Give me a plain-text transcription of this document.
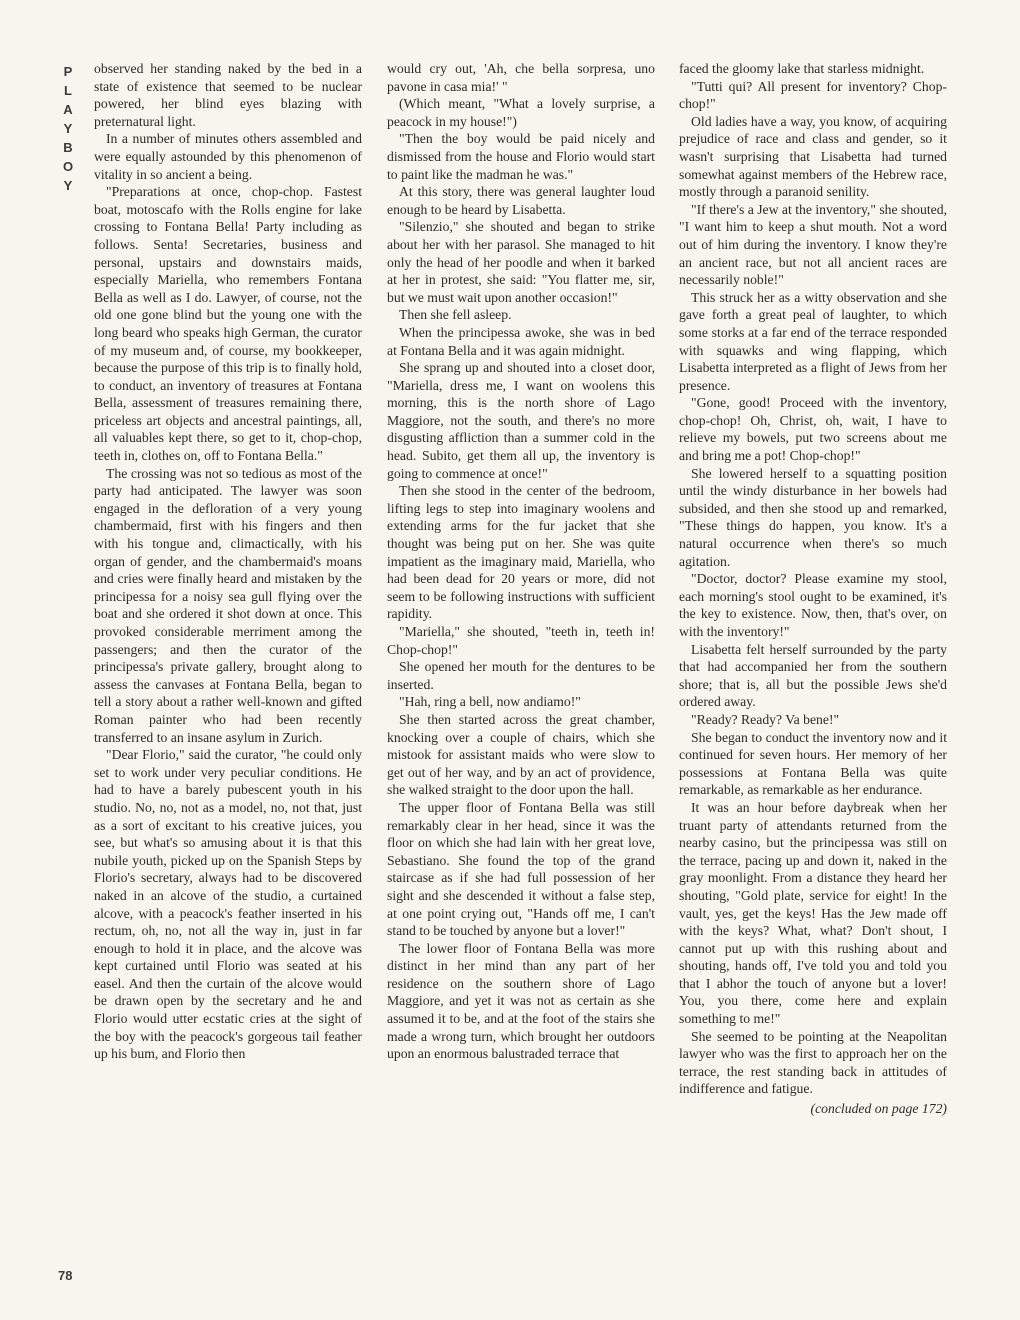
P
L
A
Y
B
O
Y
78

observed her standing naked by the bed in a state of existence that seemed to be nuclear powered, her blind eyes blazing with preternatural light.

In a number of minutes others assembled and were equally astounded by this phenomenon of vitality in so ancient a being.

"Preparations at once, chop-chop. Fastest boat, motoscafo with the Rolls engine for lake crossing to Fontana Bella! Party including as follows. Senta! Secretaries, business and personal, upstairs and downstairs maids, especially Mariella, who remembers Fontana Bella as well as I do. Lawyer, of course, not the old one gone blind but the young one with the long beard who speaks high German, the curator of my museum and, of course, my bookkeeper, because the purpose of this trip is to finally hold, to conduct, an inventory of treasures at Fontana Bella, assessment of treasures remaining there, priceless art objects and ancestral paintings, all, all valuables kept there, so get to it, chop-chop, teeth in, clothes on, off to Fontana Bella."

The crossing was not so tedious as most of the party had anticipated. The lawyer was soon engaged in the defloration of a very young chambermaid, first with his fingers and then with his tongue and, climactically, with his organ of gender, and the chambermaid's moans and cries were finally heard and mistaken by the principessa for a noisy sea gull flying over the boat and she ordered it shot down at once. This provoked considerable merriment among the passengers; and then the curator of the principessa's private gallery, brought along to assess the canvases at Fontana Bella, began to tell a story about a rather well-known and gifted Roman painter who had been recently transferred to an insane asylum in Zurich.

"Dear Florio," said the curator, "he could only set to work under very peculiar conditions. He had to have a barely pubescent youth in his studio. No, no, not as a model, no, not that, just as a sort of excitant to his creative juices, you see, but what's so amusing about it is that this nubile youth, picked up on the Spanish Steps by Florio's secretary, always had to be discovered naked in an alcove of the studio, a curtained alcove, with a peacock's feather inserted in his rectum, oh, no, not all the way in, just in far enough to hold it in place, and the alcove was kept curtained until Florio was seated at his easel. And then the curtain of the alcove would be drawn open by the secretary and he and Florio would utter ecstatic cries at the sight of the boy with the peacock's gorgeous tail feather up his bum, and Florio then

would cry out, 'Ah, che bella sorpresa, uno pavone in casa mia!' "

(Which meant, "What a lovely surprise, a peacock in my house!")

"Then the boy would be paid nicely and dismissed from the house and Florio would start to paint like the madman he was."

At this story, there was general laughter loud enough to be heard by Lisabetta.

"Silenzio," she shouted and began to strike about her with her parasol. She managed to hit only the head of her poodle and when it barked at her in protest, she said: "You flatter me, sir, but we must wait upon another occasion!"

Then she fell asleep.

When the principessa awoke, she was in bed at Fontana Bella and it was again midnight.

She sprang up and shouted into a closet door, "Mariella, dress me, I want on woolens this morning, this is the north shore of Lago Maggiore, not the south, and there's no more disgusting affliction than a summer cold in the head. Subito, get them all up, the inventory is going to commence at once!"

Then she stood in the center of the bedroom, lifting legs to step into imaginary woolens and extending arms for the fur jacket that she thought was being put on her. She was quite impatient as the imaginary maid, Mariella, who had been dead for 20 years or more, did not seem to be following instructions with sufficient rapidity.

"Mariella," she shouted, "teeth in, teeth in! Chop-chop!"

She opened her mouth for the dentures to be inserted.

"Hah, ring a bell, now andiamo!"

She then started across the great chamber, knocking over a couple of chairs, which she mistook for assistant maids who were slow to get out of her way, and by an act of providence, she walked straight to the door upon the hall.

The upper floor of Fontana Bella was still remarkably clear in her head, since it was the floor on which she had lain with her great love, Sebastiano. She found the top of the grand staircase as if she had full possession of her sight and she descended it without a false step, at one point crying out, "Hands off me, I can't stand to be touched by anyone but a lover!"

The lower floor of Fontana Bella was more distinct in her mind than any part of her residence on the southern shore of Lago Maggiore, and yet it was not as certain as she assumed it to be, and at the foot of the stairs she made a wrong turn, which brought her outdoors upon an enormous balustraded terrace that

faced the gloomy lake that starless midnight.

"Tutti qui? All present for inventory? Chop-chop!"

Old ladies have a way, you know, of acquiring prejudice of race and class and gender, so it wasn't surprising that Lisabetta had turned somewhat against members of the Hebrew race, mostly through a paranoid senility.

"If there's a Jew at the inventory," she shouted, "I want him to keep a shut mouth. Not a word out of him during the inventory. I know they're an ancient race, but not all ancient races are necessarily noble!"

This struck her as a witty observation and she gave forth a great peal of laughter, to which some storks at a far end of the terrace responded with squawks and wing flapping, which Lisabetta interpreted as a flight of Jews from her presence.

"Gone, good! Proceed with the inventory, chop-chop! Oh, Christ, oh, wait, I have to relieve my bowels, put two screens about me and bring me a pot! Chop-chop!"

She lowered herself to a squatting position until the windy disturbance in her bowels had subsided, and then she stood up and remarked, "These things do happen, you know. It's a natural occurrence when there's so much agitation.

"Doctor, doctor? Please examine my stool, each morning's stool ought to be examined, it's the key to existence. Now, then, that's over, on with the inventory!"

Lisabetta felt herself surrounded by the party that had accompanied her from the southern shore; that is, all but the possible Jews she'd ordered away.

"Ready? Ready? Va bene!"

She began to conduct the inventory now and it continued for seven hours. Her memory of her possessions at Fontana Bella was quite remarkable, as remarkable as her endurance.

It was an hour before daybreak when her truant party of attendants returned from the nearby casino, but the principessa was still on the terrace, pacing up and down it, naked in the gray moonlight. From a distance they heard her shouting, "Gold plate, service for eight! In the vault, yes, get the keys! Has the Jew made off with the keys? What, what? Don't shout, I cannot put up with this rushing about and shouting, hands off, I've told you and told you that I abhor the touch of anyone but a lover! You, you there, come here and explain something to me!"

She seemed to be pointing at the Neapolitan lawyer who was the first to approach her on the terrace, the rest standing back in attitudes of indifference and fatigue.

(concluded on page 172)
